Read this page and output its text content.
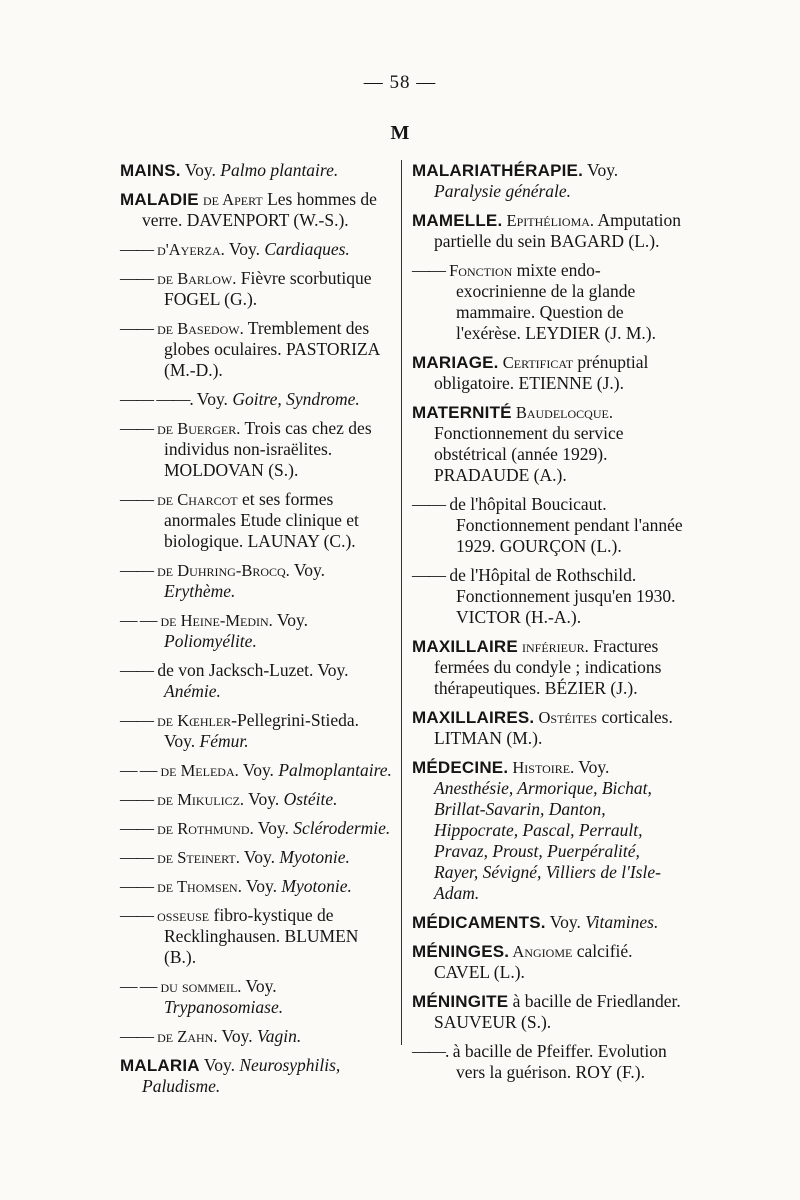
— 58 —
M
MAINS. Voy. Palmo plantaire.
MALADIE de Apert Les hommes de verre. DAVENPORT (W.-S.).
—— d'Ayerza. Voy. Cardiaques.
—— de Barlow. Fièvre scorbutique FOGEL (G.).
—— de Basedow. Tremblement des globes oculaires. PASTORIZA (M.-D.).
—— ——. Voy. Goitre, Syndrome.
—— de Buerger. Trois cas chez des individus non-israëlites. MOLDOVAN (S.).
—— de Charcot et ses formes anormales Etude clinique et biologique. LAUNAY (C.).
—— de Duhring-Brocq. Voy. Erythème.
— — de Heine-Medin. Voy. Poliomyélite.
—— de von Jacksch-Luzet. Voy. Anémie.
—— de Kœhler-Pellegrini-Stieda. Voy. Fémur.
— — de Meleda. Voy. Palmoplantaire.
—— de Mikulicz. Voy. Ostéite.
—— de Rothmund. Voy. Sclérodermie.
—— de Steinert. Voy. Myotonie.
—— de Thomsen. Voy. Myotonie.
—— osseuse fibro-kystique de Recklinghausen. BLUMEN (B.).
— — du sommeil. Voy. Trypanosomiase.
—— de Zahn. Voy. Vagin.
MALARIA Voy. Neurosyphilis, Paludisme.
MALARIATHÉRAPIE. Voy. Paralysie générale.
MAMELLE. Epithélioma. Amputation partielle du sein BAGARD (L.).
—— Fonction mixte endo-exocrinienne de la glande mammaire. Question de l'exérèse. LEYDIER (J. M.).
MARIAGE. Certificat prénuptial obligatoire. ETIENNE (J.).
MATERNITÉ Baudelocque. Fonctionnement du service obstétrical (année 1929). PRADAUDE (A.).
—— de l'hôpital Boucicaut. Fonctionnement pendant l'année 1929. GOURÇON (L.).
—— de l'Hôpital de Rothschild. Fonctionnement jusqu'en 1930. VICTOR (H.-A.).
MAXILLAIRE inférieur. Fractures fermées du condyle ; indications thérapeutiques. BÉZIER (J.).
MAXILLAIRES. Ostéites corticales. LITMAN (M.).
MÉDECINE. Histoire. Voy. Anesthésie, Armorique, Bichat, Brillat-Savarin, Danton, Hippocrate, Pascal, Perrault, Pravaz, Proust, Puerpéralité, Rayer, Sévigné, Villiers de l'Isle-Adam.
MÉDICAMENTS. Voy. Vitamines.
MÉNINGES. Angiome calcifié. CAVEL (L.).
MÉNINGITE à bacille de Friedlander. SAUVEUR (S.).
——. à bacille de Pfeiffer. Evolution vers la guérison. ROY (F.).
